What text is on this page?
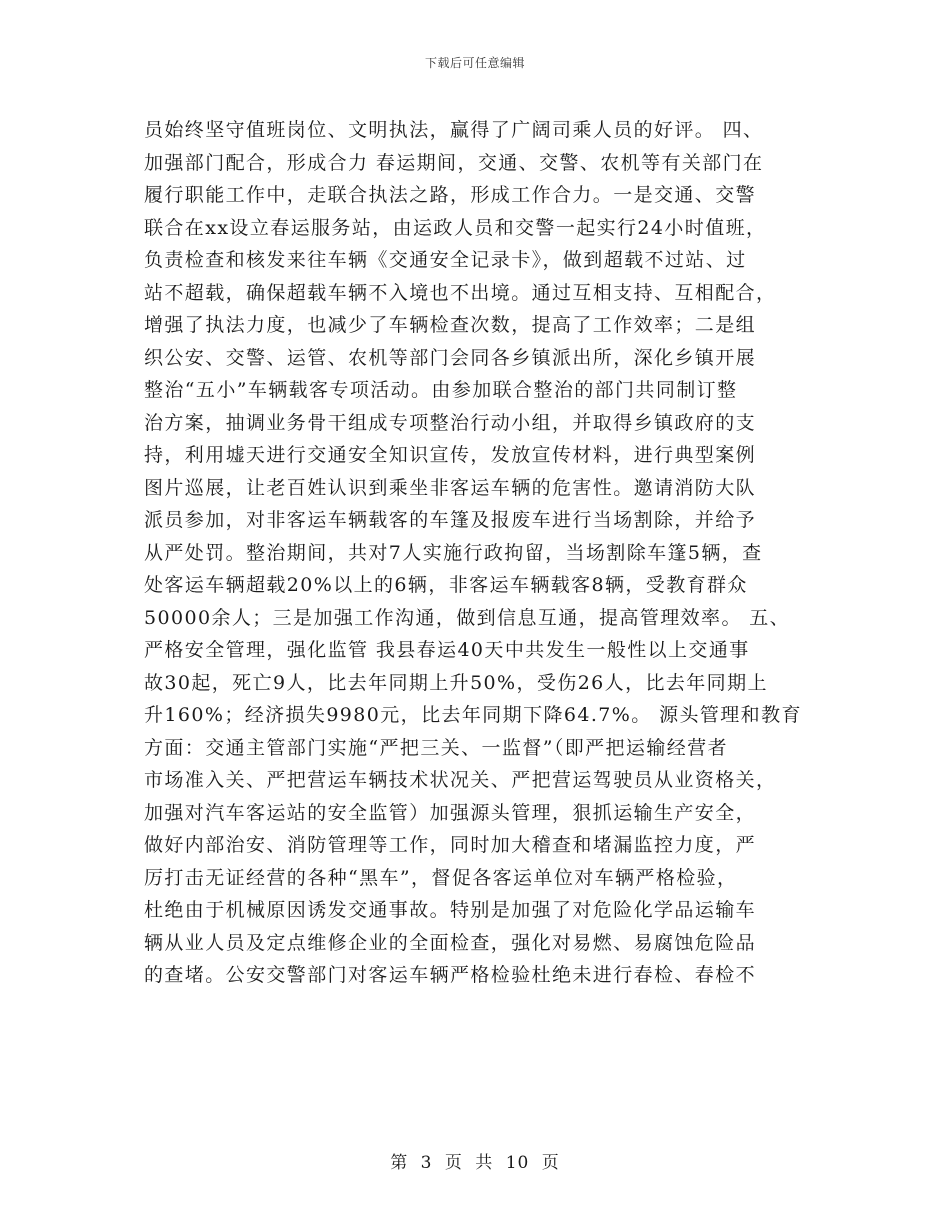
下载后可任意编辑
员始终坚守值班岗位、文明执法，赢得了广阔司乘人员的好评。 四、
加强部门配合，形成合力 春运期间，交通、交警、农机等有关部门在
履行职能工作中，走联合执法之路，形成工作合力。一是交通、交警
联合在xx设立春运服务站，由运政人员和交警一起实行24小时值班，
负责检查和核发来往车辆《交通安全记录卡》，做到超载不过站、过
站不超载，确保超载车辆不入境也不出境。通过互相支持、互相配合，
增强了执法力度，也减少了车辆检查次数，提高了工作效率；二是组
织公安、交警、运管、农机等部门会同各乡镇派出所，深化乡镇开展
整治“五小”车辆载客专项活动。由参加联合整治的部门共同制订整
治方案，抽调业务骨干组成专项整治行动小组，并取得乡镇政府的支
持，利用墟天进行交通安全知识宣传，发放宣传材料，进行典型案例
图片巡展，让老百姓认识到乘坐非客运车辆的危害性。邀请消防大队
派员参加，对非客运车辆载客的车篷及报废车进行当场割除，并给予
从严处罚。整治期间，共对7人实施行政拘留，当场割除车篷5辆，查
处客运车辆超载20%以上的6辆，非客运车辆载客8辆，受教育群众
50000余人；三是加强工作沟通，做到信息互通，提高管理效率。 五、
严格安全管理，强化监管 我县春运40天中共发生一般性以上交通事
故30起，死亡9人，比去年同期上升50%，受伤26人，比去年同期上
升160%；经济损失9980元，比去年同期下降64.7%。 源头管理和教育
方面：交通主管部门实施“严把三关、一监督”（即严把运输经营者
市场准入关、严把营运车辆技术状况关、严把营运驾驶员从业资格关，
加强对汽车客运站的安全监管）加强源头管理，狠抓运输生产安全，
做好内部治安、消防管理等工作，同时加大稽查和堵漏监控力度，严
厉打击无证经营的各种“黑车”，督促各客运单位对车辆严格检验，
杜绝由于机械原因诱发交通事故。特别是加强了对危险化学品运输车
辆从业人员及定点维修企业的全面检查，强化对易燃、易腐蚀危险品
的查堵。公安交警部门对客运车辆严格检验杜绝未进行春检、春检不
第 3 页 共 10 页
